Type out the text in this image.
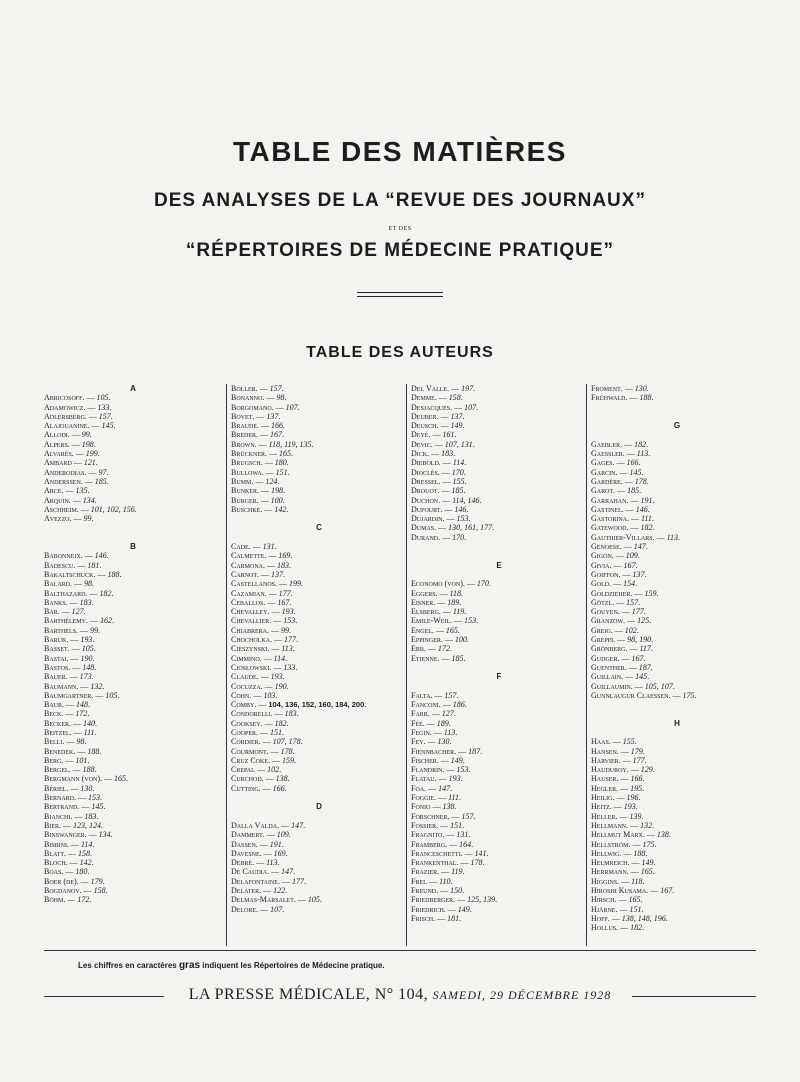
TABLE DES MATIÈRES
DES ANALYSES DE LA “REVUE DES JOURNAUX”
ET DES
“RÉPERTOIRES DE MÉDECINE PRATIQUE”
TABLE DES AUTEURS
A
Abricosoff. — 105.
Adamowicz. — 133.
Adlersberg. — 157.
Alajouanine. — 145.
Allodi. — 99.
Alpers. — 198.
Alvarès. — 199.
Ambard — 121.
Anderodias. — 97.
Anderssen. — 185.
Arce. — 135.
Arquin. — 134.
Aschheim. — 101, 102, 156.
Avezzo. — 99.
B
Babonneix. — 146.
Badescu. — 181.
Bakaltschuck. — 188.
Balard. — 98.
Balthazard. — 182.
Banks. — 183.
Bar. — 127.
Barthélemy. — 162.
Barthels. — 99.
Baruk. — 193.
Basset. — 105.
Bastai. — 190.
Bastos. — 148.
Bauer. — 173.
Baumann. — 132.
Baumgartner. — 105.
Baur. — 148.
Beck. — 172.
Becker. — 140.
Beitzel. — 111.
Belli. — 98.
Benedek. — 188.
Berg. — 101.
Bergel. — 188.
Bergmann (von). — 165.
Bériel. — 130.
Bernard. — 153.
Bertrand. — 145.
Bianchi. — 183.
Bier. — 123, 124.
Binswanger. — 134.
Bisbini. — 114.
Blatt. — 158.
Bloch. — 142.
Boas. — 180.
Boer (de). — 179.
Bogdanov. — 158.
Böhm. — 172.
Boller. — 157.
Bonanno. — 98.
Borgomano. — 107.
Bovet. — 137.
Braude. — 166.
Breder. — 167.
Brown. — 118, 119, 135.
Brückner. — 165.
Brugsch. — 180.
Bullowa. — 151.
Bumm. — 124.
Bunker. — 198.
Burger. — 100.
Buschke. — 142.
C
Cade. — 131.
Calmette. — 169.
Carmona. — 183.
Carnot. — 137.
Castellanos. — 199.
Cazamian. — 177.
Ceballos. — 167.
Chevalley. — 193.
Chevallier. — 153.
Chiabrera. — 99.
Chocholka. — 177.
Cieszynski. — 113.
Cimmino. — 114.
Ciosłowski. — 133.
Claude. — 193.
Cocuzza. — 190.
Cohn. — 103.
Comby. — 104, 136, 152, 160, 184, 200.
Condorelli. — 183.
Cooksey. — 182.
Cooper. — 151.
Cordier. — 107, 178.
Courmont. — 178.
Cruz Coke. — 159.
Crepai. — 102.
Curchod. — 138.
Cutting. — 166.
D
Dalla Valda. — 147.
Dammert. — 109.
Dassen. — 191.
Davesne. — 169.
Debré. — 113.
De Caudia. — 147.
Delafontaine. — 177.
Delater. — 122.
Delmas-Marsalet. — 105.
Delore. — 107.
Del Valle. — 197.
Demme. — 158.
Desjacques. — 107.
Deuber. — 137.
Deusch. — 149.
Deyé. — 161.
Devic. — 107, 131.
Dick. — 183.
Diebold. — 114.
Dioclès. — 170.
Dressel. — 155.
Drouot. — 185.
Duchon. — 114, 146.
Dufourt. — 146.
Dujardin. — 153.
Dumas. — 130, 161, 177.
Durand. — 170.
E
Economo (von). — 170.
Eggers. — 118.
Eisner. — 189.
Elsberg. — 119.
Emile-Weil. — 153.
Engel. — 165.
Eppinger. — 100.
Erb. — 172.
Etienne. — 185.
F
Falta. — 157.
Fanconi. — 186.
Farr. — 127.
Fée. — 189.
Fegin. — 113.
Fey. — 130.
Fiennbacher. — 187.
Fischer. — 149.
Flandrin. — 153.
Flatau. — 193.
Foa. — 147.
Foggie. — 111.
Fonio — 138.
Forschner. — 157.
Fossier. — 151.
Fragnito. — 131.
Framberg. — 164.
Franceschetti. — 141.
Frankenthal. — 178.
Frazier. — 119.
Frei. — 110.
Freund. — 150.
Friedberger. — 125, 139.
Friedrich. — 149.
Frisch. — 181.
Froment. — 130.
Frühwald. — 188.
G
Gaebler. — 182.
Gaessler. — 113.
Gages. — 166.
Garcin. — 145.
Gardère. — 178.
Garot. — 185.
Garrahan. — 191.
Gastinel. — 146.
Gastorina. — 111.
Gatewood. — 182.
Gauthier-Villars. — 113.
Genoese. — 147.
Gigon. — 109.
Givia. — 167.
Goiffon. — 137.
Gold. — 154.
Goldzieher. — 159.
Götzl. — 157.
Gouyen. — 177.
Granzow. — 125.
Greig. — 102.
Greppi. — 98, 190.
Grönberg. — 117.
Gudger. — 167.
Guenther. — 187.
Guillain. — 145.
Guillaumin. — 105, 107.
Gunnlaugur Claessen. — 175.
H
Haas. — 155.
Hansen. — 179.
Harvier. — 177.
Hauduroy. — 129.
Hauser. — 166.
Hegler. — 195.
Heilig. — 196.
Heitz. — 193.
Heller. — 139.
Hellmann. — 132.
Hellmut Marx. — 138.
Hellström. — 175.
Hellwig. — 188.
Helmreich. — 149.
Herrmann. — 165.
Higgins. — 118.
Hiroshi Kusama. — 167.
Hirsch. — 165.
Hjärne. — 151.
Hoff. — 138, 148, 196.
Hollus. — 182.
Les chiffres en caractères gras indiquent les Répertoires de Médecine pratique.
LA PRESSE MÉDICALE, N° 104, SAMEDI, 29 DÉCEMBRE 1928
